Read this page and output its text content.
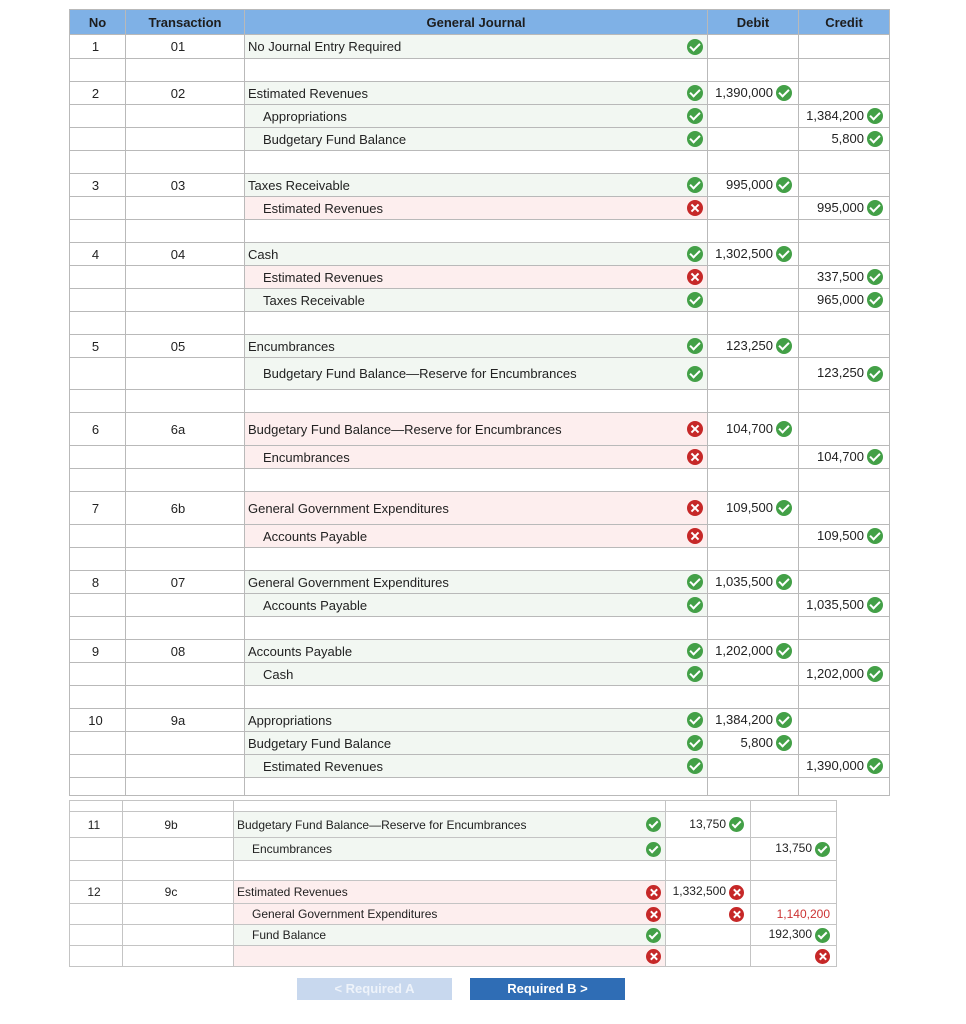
No	Transaction	General Journal	Debit	Credit
1	01	No Journal Entry Required		

2	02	Estimated Revenues	1,390,000	

		Appropriations		1,384,200

		Budgetary Fund Balance		5,800

3	03	Taxes Receivable	995,000	

		Estimated Revenues		995,000

4	04	Cash	1,302,500	

		Estimated Revenues		337,500

		Taxes Receivable		965,000

5	05	Encumbrances	123,250	

		Budgetary Fund Balance—Reserve for Encumbrances		123,250

6	6a	Budgetary Fund Balance—Reserve for Encumbrances	104,700	

		Encumbrances		104,700

7	6b	General Government Expenditures	109,500	

		Accounts Payable		109,500

8	07	General Government Expenditures	1,035,500	

		Accounts Payable		1,035,500

9	08	Accounts Payable	1,202,000	

		Cash		1,202,000

10	9a	Appropriations	1,384,200	

		Budgetary Fund Balance	5,800	

		Estimated Revenues		1,390,000

11	9b	Budgetary Fund Balance—Reserve for Encumbrances	13,750	

		Encumbrances		13,750

12	9c	Estimated Revenues	1,332,500	

		General Government Expenditures		1,140,200

		Fund Balance		192,300

< Required A	Required B >
